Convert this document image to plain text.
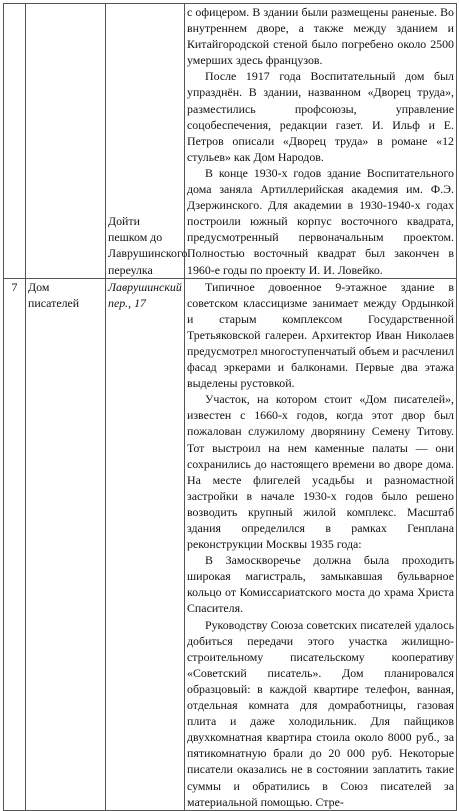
		Дойти пешком до Лаврушинского переулка	с офицером. В здании были размещены раненые. Во внутреннем дворе, а также между зданием и Китайгородской стеной было погребено около 2500 умерших здесь французов.

После 1917 года Воспитательный дом был упразднён. В здании, названном «Дворец труда», разместились профсоюзы, управление соцобеспечения, редакции газет. И. Ильф и Е. Петров описали «Дворец труда» в романе «12 стульев» как Дом Народов.

В конце 1930-х годов здание Воспитательного дома заняла Артиллерийская академия им. Ф.Э. Дзержинского. Для академии в 1930-1940-х годах построили южный корпус восточного квадрата, предусмотренный первоначальным проектом. Полностью восточный квадрат был закончен в 1960-е годы по проекту И. И. Ловейко.

7	Дом писателей	Лаврушинский пер., 17	Типичное довоенное 9-этажное здание в советском классицизме занимает между Ордынкой и старым комплексом Государственной Третьяковской галереи. Архитектор Иван Николаев предусмотрел многоступенчатый объем и расчленил фасад эркерами и балконами. Первые два этажа выделены рустовкой.

Участок, на котором стоит «Дом писателей», известен с 1660-х годов, когда этот двор был пожалован служилому дворянину Семену Титову. Тот выстроил на нем каменные палаты — они сохранились до настоящего времени во дворе дома. На месте флигелей усадьбы и разномастной застройки в начале 1930-х годов было решено возводить крупный жилой комплекс. Масштаб здания определился в рамках Генплана реконструкции Москвы 1935 года:

В Замоскворечье должна была проходить широкая магистраль, замыкавшая бульварное кольцо от Комиссариатского моста до храма Христа Спасителя.

Руководству Союза советских писателей удалось добиться передачи этого участка жилищно-строительному писательскому кооперативу «Советский писатель». Дом планировался образцовый: в каждой квартире телефон, ванная, отдельная комната для домработницы, газовая плита и даже холодильник. Для пайщиков двухкомнатная квартира стоила около 8000 руб., за пятикомнатную брали до 20 000 руб. Некоторые писатели оказались не в состоянии заплатить такие суммы и обратились в Союз писателей за материальной помощью. Стре-
